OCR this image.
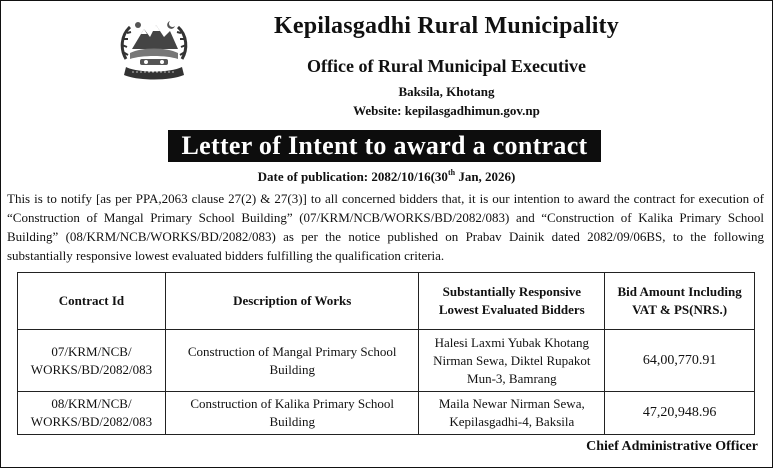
Kepilasgadhi Rural Municipality
Office of Rural Municipal Executive
Baksila, Khotang
Website: kepilasgadhimun.gov.np
Letter of Intent to award a contract
Date of publication: 2082/10/16(30th Jan, 2026)
This is to notify [as per PPA,2063 clause 27(2) & 27(3)] to all concerned bidders that, it is our intention to award the contract for execution of “Construction of Mangal Primary School Building” (07/KRM/NCB/WORKS/BD/2082/083) and “Construction of Kalika Primary School Building” (08/KRM/NCB/WORKS/BD/2082/083) as per the notice published on Prabav Dainik dated 2082/09/06BS, to the following substantially responsive lowest evaluated bidders fulfilling the qualification criteria.
Contract Id	Description of Works	Substantially Responsive Lowest Evaluated Bidders	Bid Amount Including VAT & PS(NRS.)
07/KRM/NCB/ WORKS/BD/2082/083	Construction of Mangal Primary School Building	Halesi Laxmi Yubak Khotang Nirman Sewa, Diktel Rupakot Mun-3, Bamrang	64,00,770.91
08/KRM/NCB/ WORKS/BD/2082/083	Construction of Kalika Primary School Building	Maila Newar Nirman Sewa, Kepilasgadhi-4, Baksila	47,20,948.96
Chief Administrative Officer
